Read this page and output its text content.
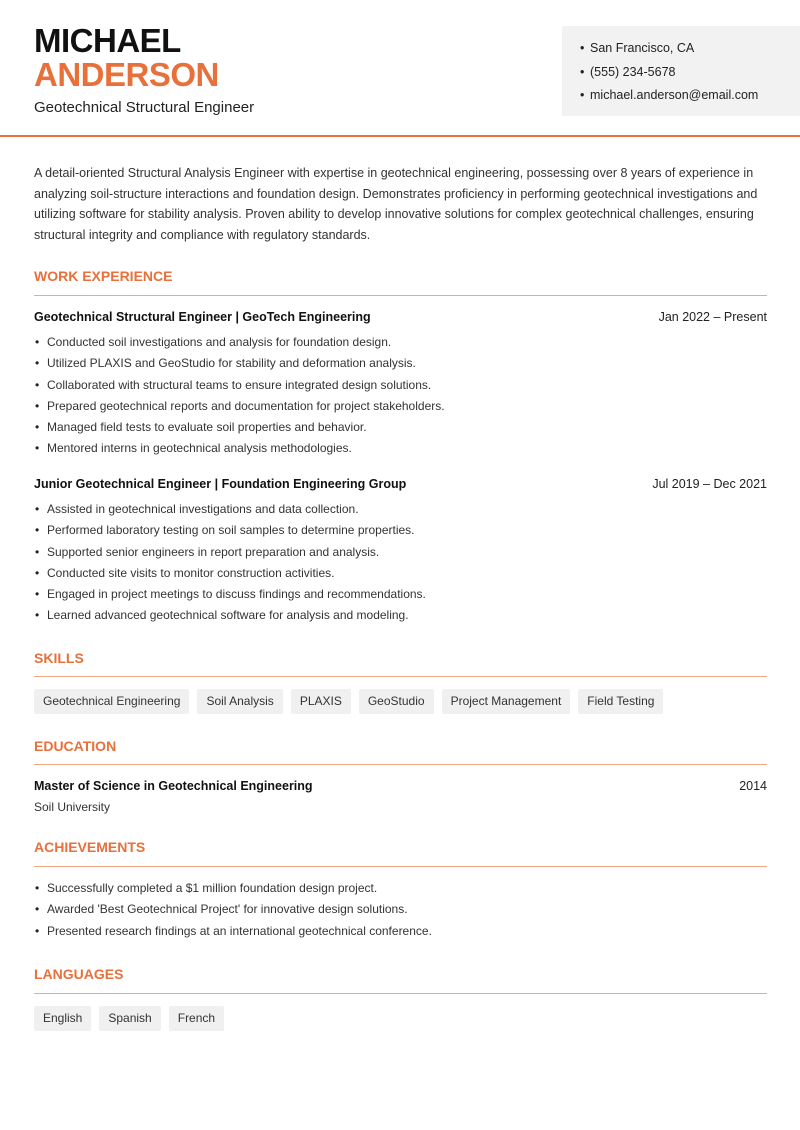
MICHAEL
ANDERSON
Geotechnical Structural Engineer
• San Francisco, CA
• (555) 234-5678
• michael.anderson@email.com

A detail-oriented Structural Analysis Engineer with expertise in geotechnical engineering, possessing over 8 years of experience in analyzing soil-structure interactions and foundation design. Demonstrates proficiency in performing geotechnical investigations and utilizing software for stability analysis. Proven ability to develop innovative solutions for complex geotechnical challenges, ensuring structural integrity and compliance with regulatory standards.

WORK EXPERIENCE
Geotechnical Structural Engineer | GeoTech Engineering	Jan 2022 – Present
• Conducted soil investigations and analysis for foundation design.
• Utilized PLAXIS and GeoStudio for stability and deformation analysis.
• Collaborated with structural teams to ensure integrated design solutions.
• Prepared geotechnical reports and documentation for project stakeholders.
• Managed field tests to evaluate soil properties and behavior.
• Mentored interns in geotechnical analysis methodologies.
Junior Geotechnical Engineer | Foundation Engineering Group	Jul 2019 – Dec 2021
• Assisted in geotechnical investigations and data collection.
• Performed laboratory testing on soil samples to determine properties.
• Supported senior engineers in report preparation and analysis.
• Conducted site visits to monitor construction activities.
• Engaged in project meetings to discuss findings and recommendations.
• Learned advanced geotechnical software for analysis and modeling.
SKILLS
Geotechnical Engineering	Soil Analysis	PLAXIS	GeoStudio	Project Management	Field Testing
EDUCATION
Master of Science in Geotechnical Engineering	2014
Soil University
ACHIEVEMENTS
• Successfully completed a $1 million foundation design project.
• Awarded 'Best Geotechnical Project' for innovative design solutions.
• Presented research findings at an international geotechnical conference.
LANGUAGES
English	Spanish	French
